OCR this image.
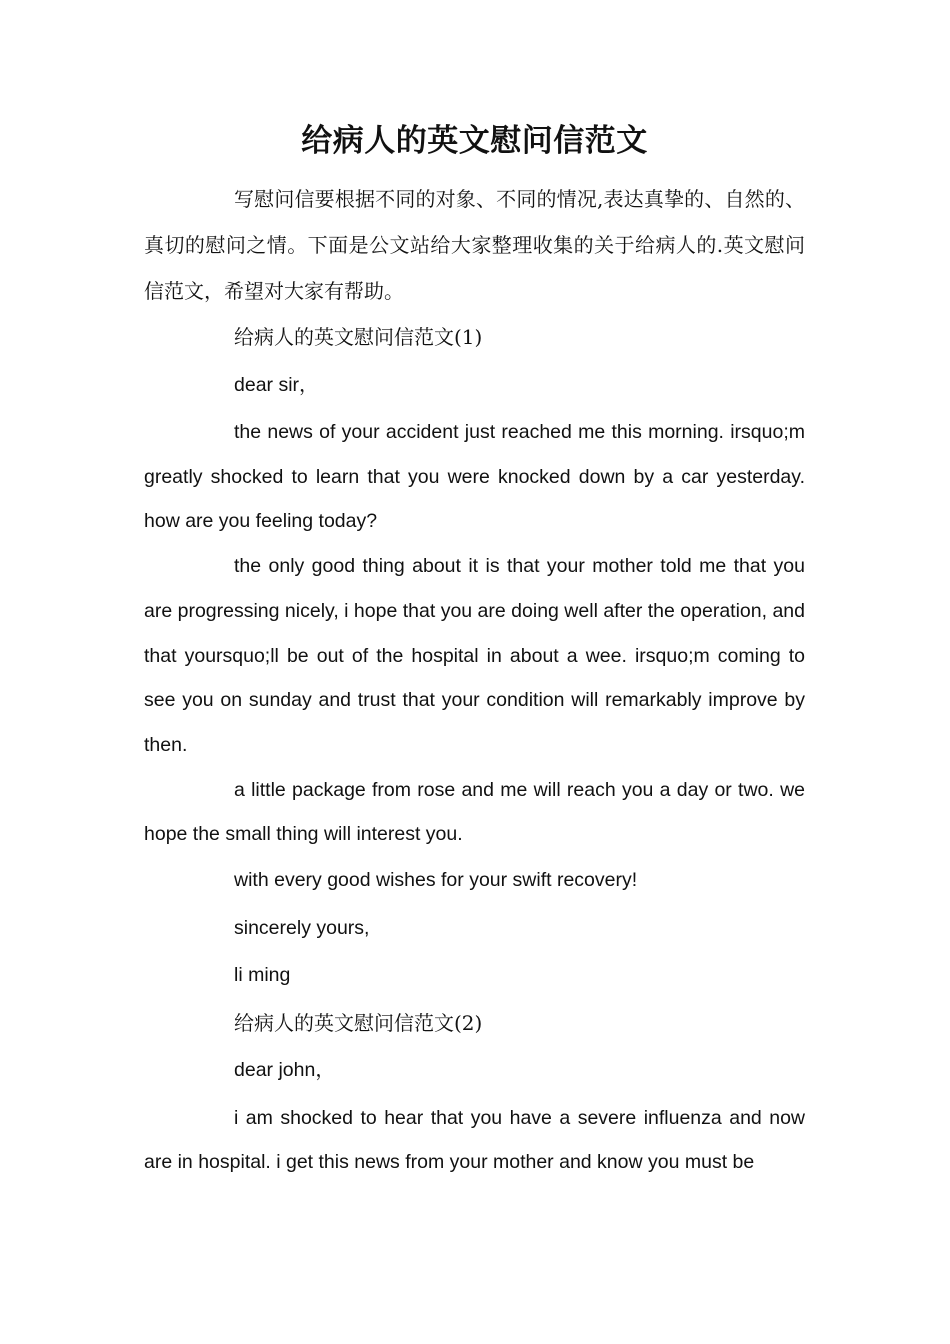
给病人的英文慰问信范文

写慰问信要根据不同的对象、不同的情况,表达真挚的、自然的、真切的慰问之情。下面是公文站给大家整理收集的关于给病人的.英文慰问信范文，希望对大家有帮助。

给病人的英文慰问信范文(1)

dear sir，

the news of your accident just reached me this morning. irsquo;m greatly shocked to learn that you were knocked down by a car yesterday. how are you feeling today?

the only good thing about it is that your mother told me that you are progressing nicely, i hope that you are doing well after the operation, and that yoursquo;ll be out of the hospital in about a wee. irsquo;m coming to see you on sunday and trust that your condition will remarkably improve by then.

a little package from rose and me will reach you a day or two. we hope the small thing will interest you.

with every good wishes for your swift recovery!

sincerely yours,

li ming

给病人的英文慰问信范文(2)

dear john，

i am shocked to hear that you have a severe influenza and now are in hospital. i get this news from your mother and know you must be
